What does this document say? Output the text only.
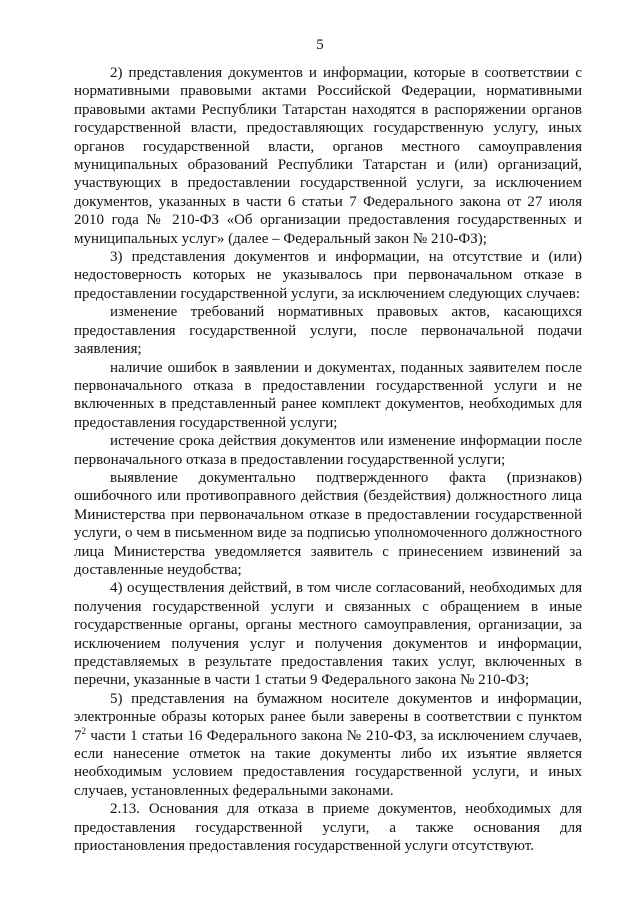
5

2) представления документов и информации, которые в соответствии с нормативными правовыми актами Российской Федерации, нормативными правовыми актами Республики Татарстан находятся в распоряжении органов государственной власти, предоставляющих государственную услугу, иных органов государственной власти, органов местного самоуправления муниципальных образований Республики Татарстан и (или) организаций, участвующих в предоставлении государственной услуги, за исключением документов, указанных в части 6 статьи 7 Федерального закона от 27 июля 2010 года № 210-ФЗ «Об организации предоставления государственных и муниципальных услуг» (далее – Федеральный закон № 210-ФЗ);

3) представления документов и информации, на отсутствие и (или) недостоверность которых не указывалось при первоначальном отказе в предоставлении государственной услуги, за исключением следующих случаев:

изменение требований нормативных правовых актов, касающихся предоставления государственной услуги, после первоначальной подачи заявления;

наличие ошибок в заявлении и документах, поданных заявителем после первоначального отказа в предоставлении государственной услуги и не включенных в представленный ранее комплект документов, необходимых для предоставления государственной услуги;

истечение срока действия документов или изменение информации после первоначального отказа в предоставлении государственной услуги;

выявление документально подтвержденного факта (признаков) ошибочного или противоправного действия (бездействия) должностного лица Министерства при первоначальном отказе в предоставлении государственной услуги, о чем в письменном виде за подписью уполномоченного должностного лица Министерства уведомляется заявитель с принесением извинений за доставленные неудобства;

4) осуществления действий, в том числе согласований, необходимых для получения государственной услуги и связанных с обращением в иные государственные органы, органы местного самоуправления, организации, за исключением получения услуг и получения документов и информации, представляемых в результате предоставления таких услуг, включенных в перечни, указанные в части 1 статьи 9 Федерального закона № 210-ФЗ;

5) представления на бумажном носителе документов и информации, электронные образы которых ранее были заверены в соответствии с пунктом $7^2$ части 1 статьи 16 Федерального закона № 210-ФЗ, за исключением случаев, если нанесение отметок на такие документы либо их изъятие является необходимым условием предоставления государственной услуги, и иных случаев, установленных федеральными законами.

2.13. Основания для отказа в приеме документов, необходимых для предоставления государственной услуги, а также основания для приостановления предоставления государственной услуги отсутствуют.
